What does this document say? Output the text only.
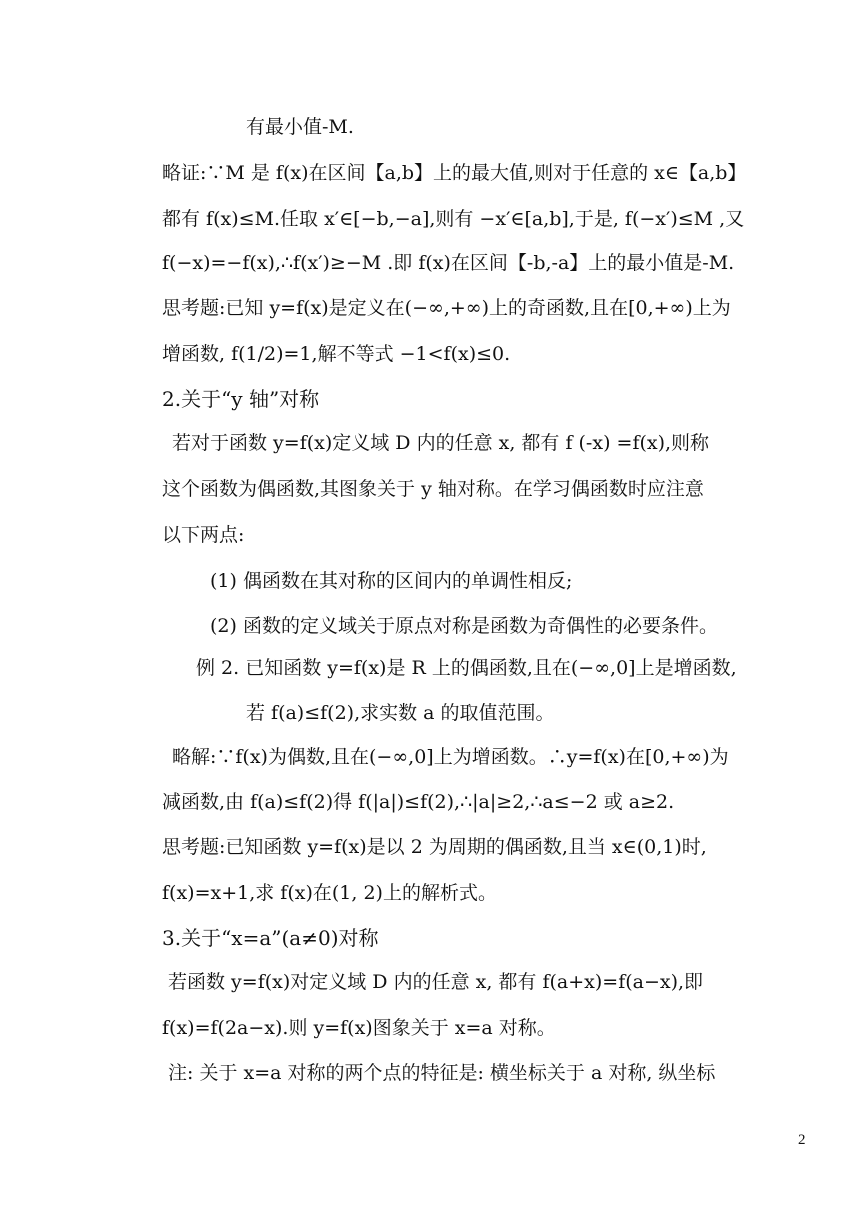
有最小值-M.
略证:∵M 是 f(x)在区间【a,b】上的最大值,则对于任意的 x∈【a,b】
都有 f(x)≤M.任取 x′∈[−b,−a],则有 −x′∈[a,b],于是, f(−x′)≤M ,又
f(−x)=−f(x),∴f(x′)≥−M .即 f(x)在区间【-b,-a】上的最小值是-M.
思考题:已知 y=f(x)是定义在(−∞,+∞)上的奇函数,且在[0,+∞)上为
增函数, f(1/2)=1,解不等式 −1<f(x)≤0.
2.关于“y 轴”对称
若对于函数 y=f(x)定义域 D 内的任意 x, 都有 f (-x) =f(x),则称
这个函数为偶函数,其图象关于 y 轴对称。在学习偶函数时应注意
以下两点:
(1) 偶函数在其对称的区间内的单调性相反;
(2) 函数的定义域关于原点对称是函数为奇偶性的必要条件。
例 2. 已知函数 y=f(x)是 R 上的偶函数,且在(−∞,0]上是增函数,
若 f(a)≤f(2),求实数 a 的取值范围。
略解:∵f(x)为偶数,且在(−∞,0]上为增函数。∴y=f(x)在[0,+∞)为
减函数,由 f(a)≤f(2)得 f(|a|)≤f(2),∴|a|≥2,∴a≤−2 或 a≥2.
思考题:已知函数 y=f(x)是以 2 为周期的偶函数,且当 x∈(0,1)时,
f(x)=x+1,求 f(x)在(1, 2)上的解析式。
3.关于“x=a”(a≠0)对称
若函数 y=f(x)对定义域 D 内的任意 x, 都有 f(a+x)=f(a−x),即
f(x)=f(2a−x).则 y=f(x)图象关于 x=a 对称。
注: 关于 x=a 对称的两个点的特征是: 横坐标关于 a 对称, 纵坐标
2
